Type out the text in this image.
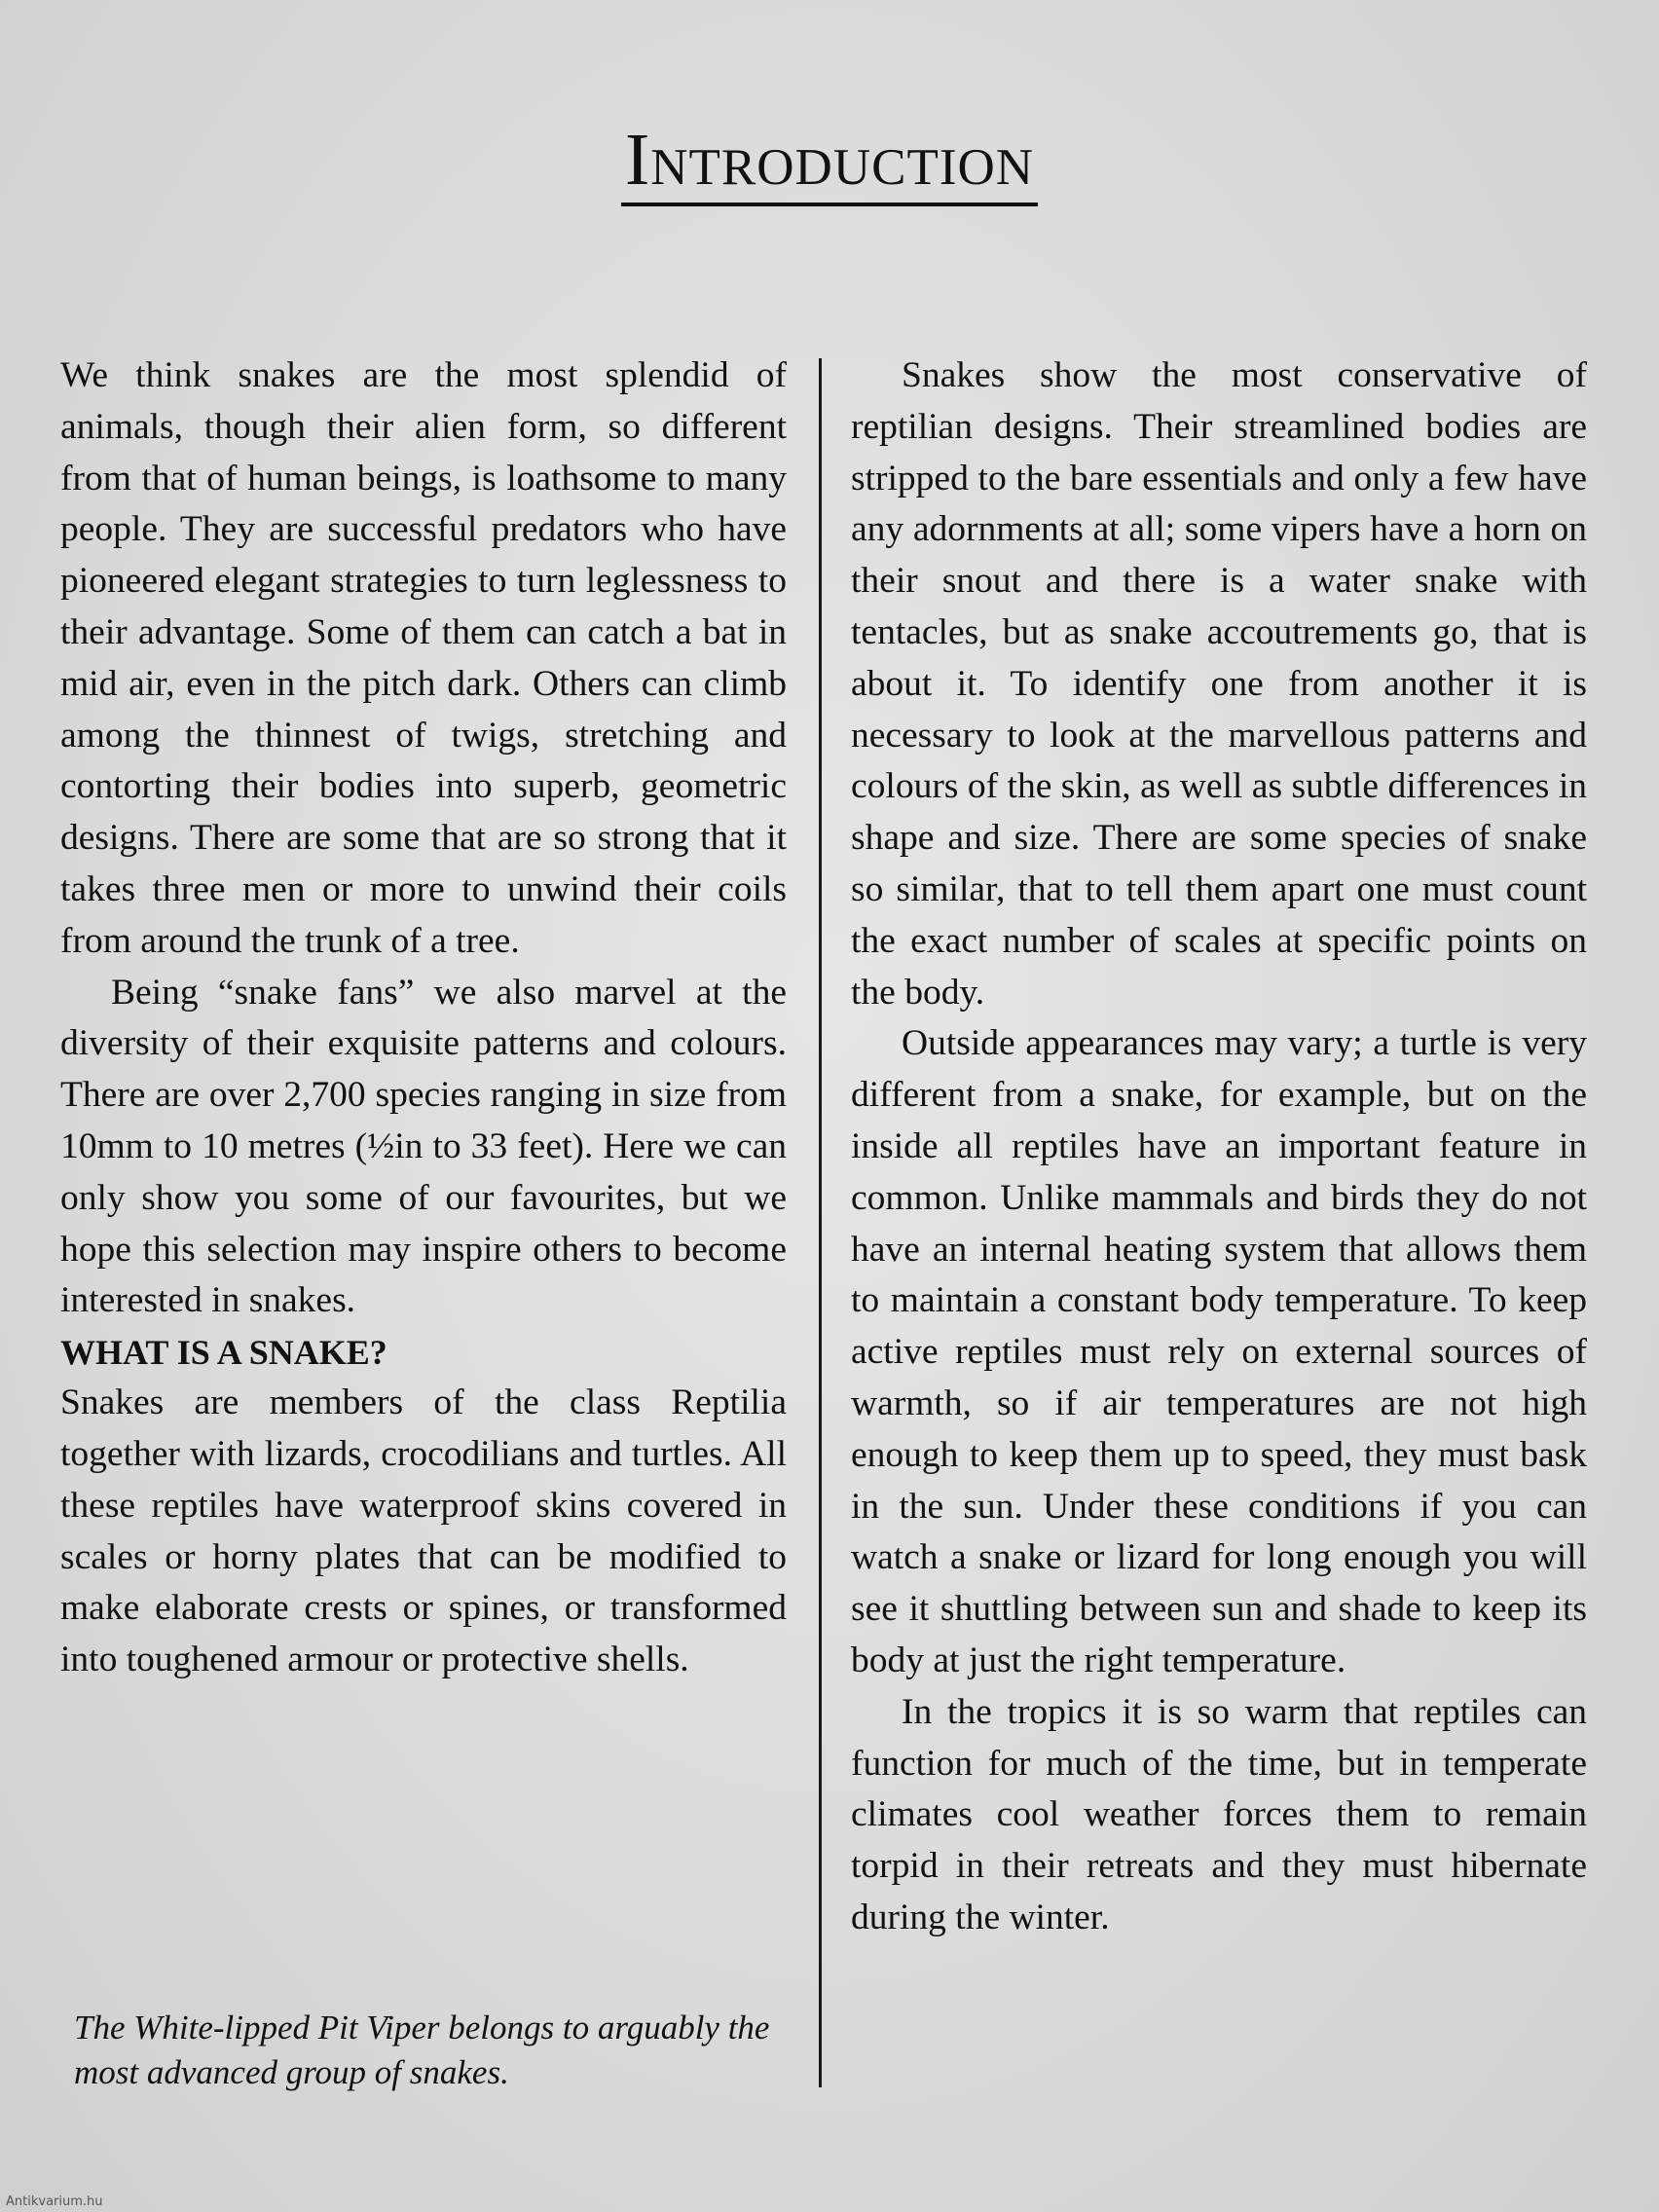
Introduction

We think snakes are the most splendid of animals, though their alien form, so different from that of human beings, is loathsome to many people. They are successful predators who have pioneered elegant strategies to turn leglessness to their advantage. Some of them can catch a bat in mid air, even in the pitch dark. Others can climb among the thinnest of twigs, stretching and contorting their bodies into superb, geometric designs. There are some that are so strong that it takes three men or more to unwind their coils from around the trunk of a tree.

Being “snake fans” we also marvel at the diversity of their exquisite patterns and colours. There are over 2,700 species ranging in size from 10mm to 10 metres (½in to 33 feet). Here we can only show you some of our favourites, but we hope this selection may inspire others to become interested in snakes.

WHAT IS A SNAKE?

Snakes are members of the class Reptilia together with lizards, crocodilians and turtles. All these reptiles have waterproof skins covered in scales or horny plates that can be modified to make elaborate crests or spines, or transformed into toughened armour or protective shells.

Snakes show the most conservative of reptilian designs. Their streamlined bodies are stripped to the bare essentials and only a few have any adornments at all; some vipers have a horn on their snout and there is a water snake with tentacles, but as snake accoutrements go, that is about it. To identify one from another it is necessary to look at the marvellous patterns and colours of the skin, as well as subtle differences in shape and size. There are some species of snake so similar, that to tell them apart one must count the exact number of scales at specific points on the body.

Outside appearances may vary; a turtle is very different from a snake, for example, but on the inside all reptiles have an important feature in common. Unlike mammals and birds they do not have an internal heating system that allows them to maintain a constant body temperature. To keep active reptiles must rely on external sources of warmth, so if air temperatures are not high enough to keep them up to speed, they must bask in the sun. Under these conditions if you can watch a snake or lizard for long enough you will see it shuttling between sun and shade to keep its body at just the right temperature.

In the tropics it is so warm that reptiles can function for much of the time, but in temperate climates cool weather forces them to remain torpid in their retreats and they must hibernate during the winter.

The White-lipped Pit Viper belongs to arguably the most advanced group of snakes.
Antikvarium.hu
